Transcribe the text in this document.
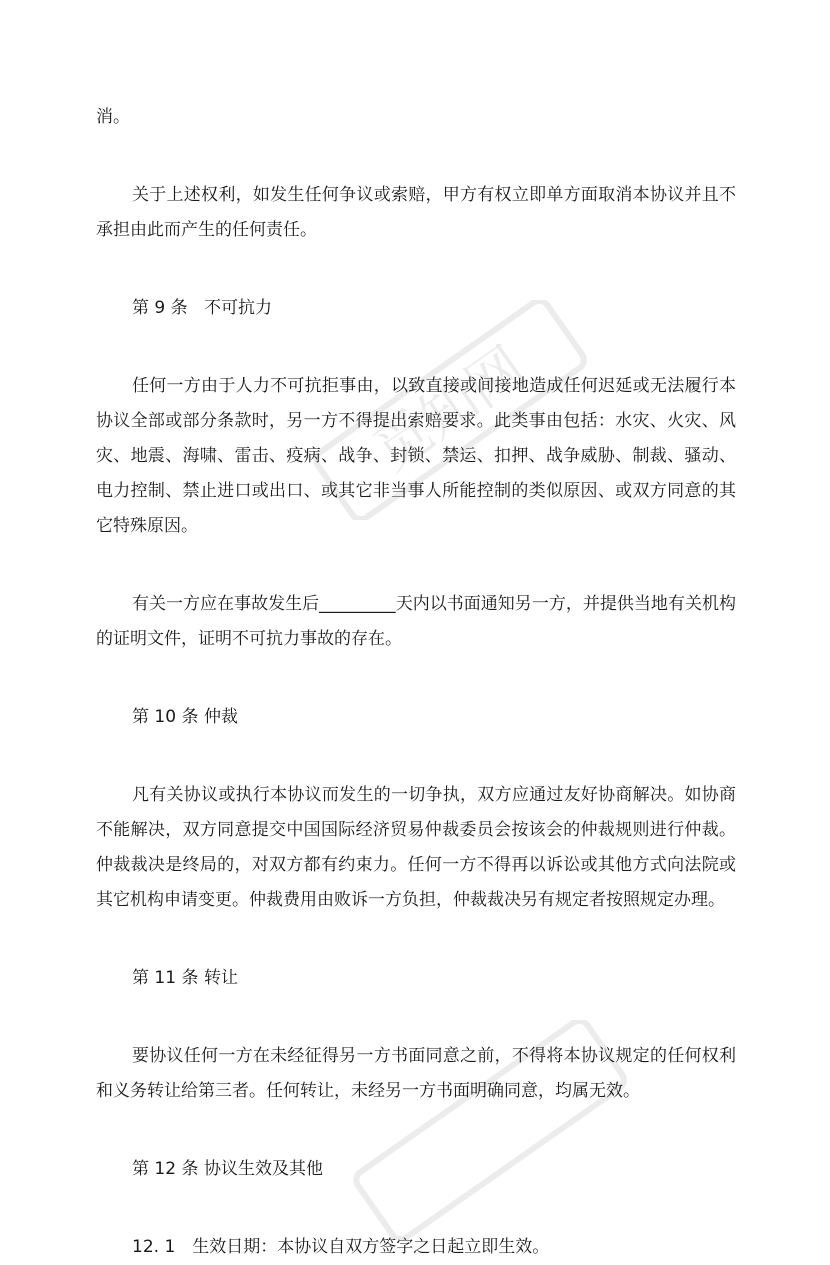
觅知网

消。

关于上述权利，如发生任何争议或索赔，甲方有权立即单方面取消本协议并且不承担由此而产生的任何责任。

第 9 条 不可抗力

任何一方由于人力不可抗拒事由，以致直接或间接地造成任何迟延或无法履行本协议全部或部分条款时，另一方不得提出索赔要求。此类事由包括：水灾、火灾、风灾、地震、海啸、雷击、疫病、战争、封锁、禁运、扣押、战争威胁、制裁、骚动、电力控制、禁止进口或出口、或其它非当事人所能控制的类似原因、或双方同意的其它特殊原因。

有关一方应在事故发生后_________天内以书面通知另一方，并提供当地有关机构的证明文件，证明不可抗力事故的存在。

第 10 条 仲裁

凡有关协议或执行本协议而发生的一切争执，双方应通过友好协商解决。如协商不能解决，双方同意提交中国国际经济贸易仲裁委员会按该会的仲裁规则进行仲裁。仲裁裁决是终局的，对双方都有约束力。任何一方不得再以诉讼或其他方式向法院或其它机构申请变更。仲裁费用由败诉一方负担，仲裁裁决另有规定者按照规定办理。

第 11 条 转让

要协议任何一方在未经征得另一方书面同意之前，不得将本协议规定的任何权利和义务转让给第三者。任何转让，未经另一方书面明确同意，均属无效。

第 12 条 协议生效及其他

12. 1　生效日期：本协议自双方签字之日起立即生效。
